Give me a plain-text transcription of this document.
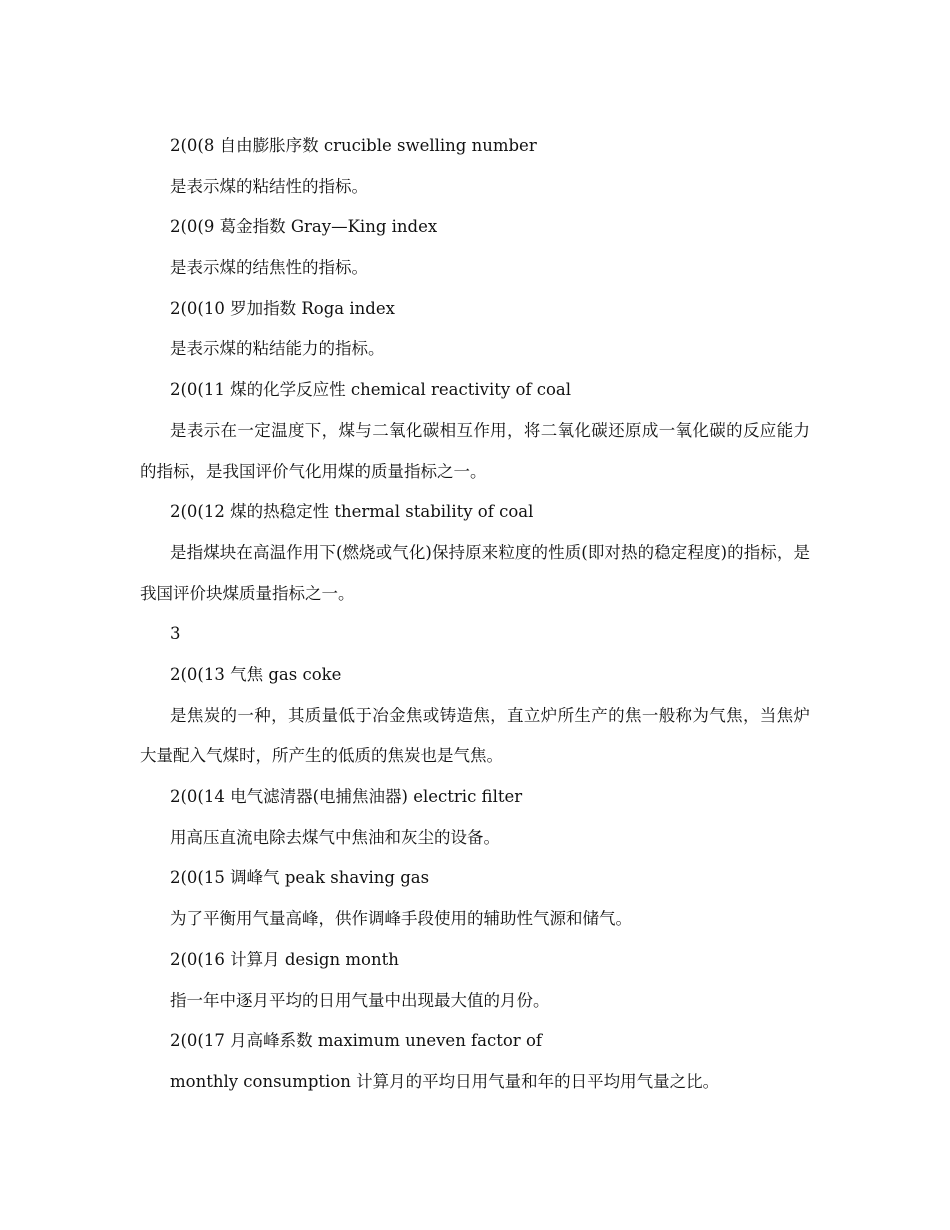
2(0(8 自由膨胀序数 crucible swelling number
是表示煤的粘结性的指标。
2(0(9 葛金指数 Gray—King index
是表示煤的结焦性的指标。
2(0(10 罗加指数 Roga index
是表示煤的粘结能力的指标。
2(0(11 煤的化学反应性 chemical reactivity of coal
是表示在一定温度下，煤与二氧化碳相互作用，将二氧化碳还原成一氧化碳的反应能力的指标，是我国评价气化用煤的质量指标之一。
2(0(12 煤的热稳定性 thermal stability of coal
是指煤块在高温作用下(燃烧或气化)保持原来粒度的性质(即对热的稳定程度)的指标，是我国评价块煤质量指标之一。
3
2(0(13 气焦 gas coke
是焦炭的一种，其质量低于冶金焦或铸造焦，直立炉所生产的焦一般称为气焦，当焦炉大量配入气煤时，所产生的低质的焦炭也是气焦。
2(0(14 电气滤清器(电捕焦油器) electric filter
用高压直流电除去煤气中焦油和灰尘的设备。
2(0(15 调峰气 peak shaving gas
为了平衡用气量高峰，供作调峰手段使用的辅助性气源和储气。
2(0(16 计算月 design month
指一年中逐月平均的日用气量中出现最大值的月份。
2(0(17 月高峰系数 maximum uneven factor of
monthly consumption 计算月的平均日用气量和年的日平均用气量之比。
